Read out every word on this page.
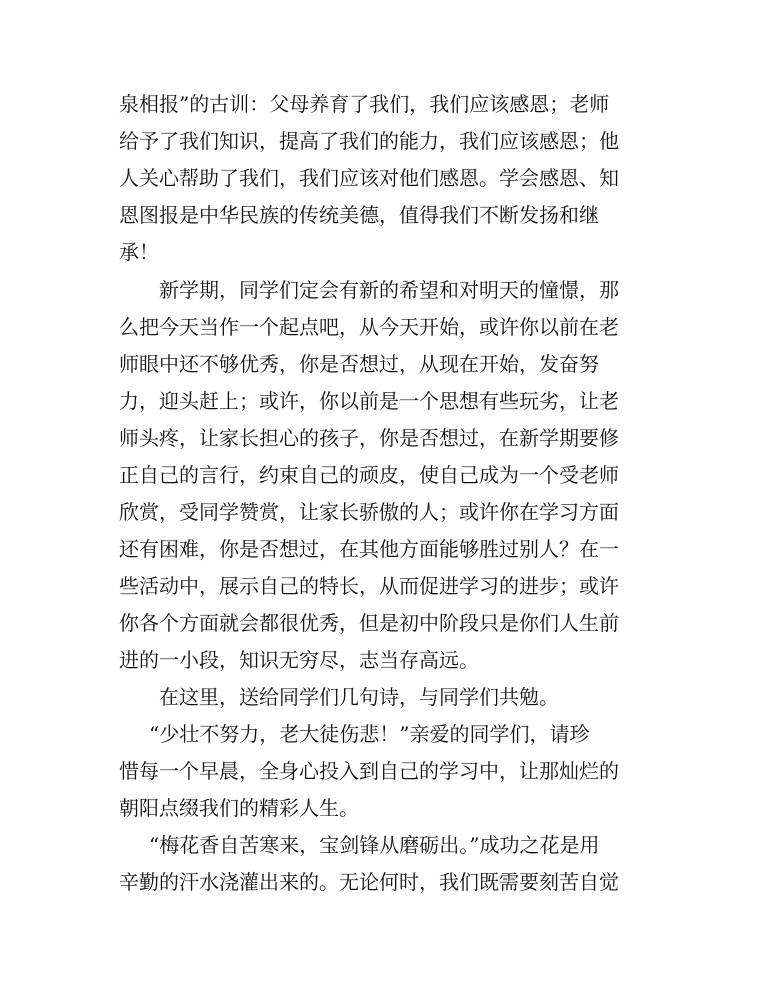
泉相报”的古训：父母养育了我们，我们应该感恩；老师
给予了我们知识，提高了我们的能力，我们应该感恩；他
人关心帮助了我们，我们应该对他们感恩。学会感恩、知
恩图报是中华民族的传统美德，值得我们不断发扬和继
承！
新学期，同学们定会有新的希望和对明天的憧憬，那
么把今天当作一个起点吧，从今天开始，或许你以前在老
师眼中还不够优秀，你是否想过，从现在开始，发奋努
力，迎头赶上；或许，你以前是一个思想有些玩劣，让老
师头疼，让家长担心的孩子，你是否想过，在新学期要修
正自己的言行，约束自己的顽皮，使自己成为一个受老师
欣赏，受同学赞赏，让家长骄傲的人；或许你在学习方面
还有困难，你是否想过，在其他方面能够胜过别人？在一
些活动中，展示自己的特长，从而促进学习的进步；或许
你各个方面就会都很优秀，但是初中阶段只是你们人生前
进的一小段，知识无穷尽，志当存高远。
在这里，送给同学们几句诗，与同学们共勉。
“少壮不努力，老大徒伤悲！”亲爱的同学们，请珍
惜每一个早晨，全身心投入到自己的学习中，让那灿烂的
朝阳点缀我们的精彩人生。
“梅花香自苦寒来，宝剑锋从磨砺出。”成功之花是用
辛勤的汗水浇灌出来的。无论何时，我们既需要刻苦自觉
